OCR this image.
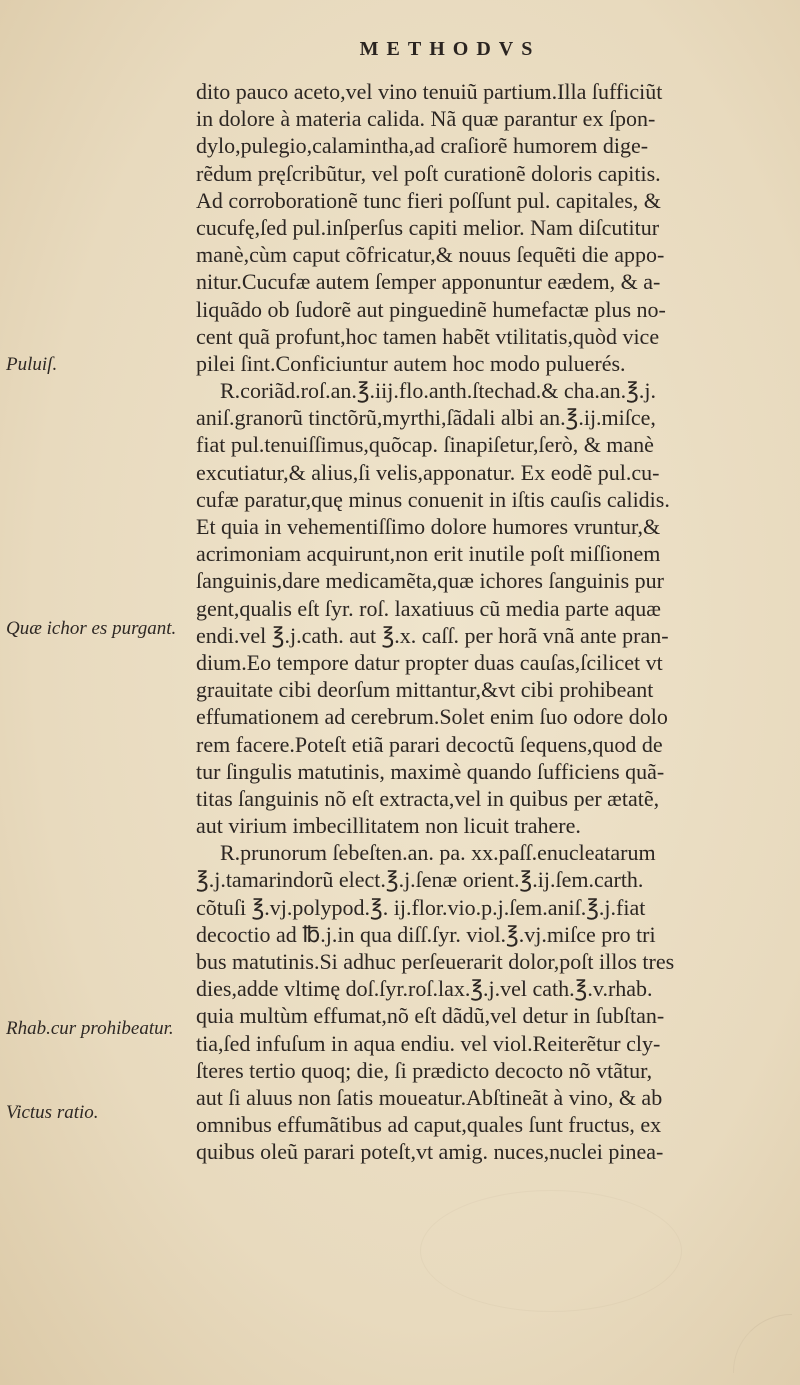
METHODVS
Puluiſ.
Quæ ichor es purgant.
Rhab.cur prohibeatur.
Victus ratio.
dito pauco aceto,vel vino tenuiũ partium.Illa ſufficiũt
in dolore à materia calida. Nã quæ parantur ex ſpon-
dylo,pulegio,calamintha,ad craſiorẽ humorem dige-
rẽdum pręſcribũtur, vel poſt curationẽ doloris capitis.
Ad corroborationẽ tunc fieri poſſunt pul. capitales, &
cucufę,ſed pul.inſperſus capiti melior. Nam diſcutitur
manè,cùm caput cõfricatur,& nouus ſequẽti die appo-
nitur.Cucufæ autem ſemper apponuntur eædem, & a-
liquãdo ob ſudorẽ aut pinguedinẽ humefactæ plus no-
cent quã profunt,hoc tamen habẽt vtilitatis,quòd vice
pilei ſint.Conficiuntur autem hoc modo puluerés.
R.coriãd.roſ.an.℥.iij.flo.anth.ſtechad.& cha.an.℥.j.
aniſ.granorũ tinctõrũ,myrthi,ſãdali albi an.℥.ij.miſce,
fiat pul.tenuiſſimus,quõcap. ſinapiſetur,ſerò, & manè
excutiatur,& alius,ſi velis,apponatur. Ex eodẽ pul.cu-
cufæ paratur,quę minus conuenit in iſtis cauſis calidis.
Et quia in vehementiſſimo dolore humores vruntur,&
acrimoniam acquirunt,non erit inutile poſt miſſionem
ſanguinis,dare medicamẽta,quæ ichores ſanguinis pur
gent,qualis eſt ſyr. roſ. laxatiuus cũ media parte aquæ
endi.vel ℥.j.cath. aut ℥.x. caſſ. per horã vnã ante pran-
dium.Eo tempore datur propter duas cauſas,ſcilicet vt
grauitate cibi deorſum mittantur,&vt cibi prohibeant
effumationem ad cerebrum.Solet enim ſuo odore dolo
rem facere.Poteſt etiã parari decoctũ ſequens,quod de
tur ſingulis matutinis, maximè quando ſufficiens quã-
titas ſanguinis nõ eſt extracta,vel in quibus per ætatẽ,
aut virium imbecillitatem non licuit trahere.
R.prunorum ſebeſten.an. pa. xx.paſſ.enucleatarum
℥.j.tamarindorũ elect.℥.j.ſenæ orient.℥.ij.ſem.carth.
cõtuſi ℥.vj.polypod.℥. ij.flor.vio.p.j.ſem.aniſ.℥.j.fiat
decoctio ad ℔.j.in qua diſſ.ſyr. viol.℥.vj.miſce pro tri
bus matutinis.Si adhuc perſeuerarit dolor,poſt illos tres
dies,adde vltimę doſ.ſyr.roſ.lax.℥.j.vel cath.℥.v.rhab.
quia multùm effumat,nõ eſt dãdũ,vel detur in ſubſtan-
tia,ſed infuſum in aqua endiu. vel viol.Reiterẽtur cly-
ſteres tertio quoq; die, ſi prædicto decocto nõ vtãtur,
aut ſi aluus non ſatis moueatur.Abſtineãt à vino, & ab
omnibus effumãtibus ad caput,quales ſunt fructus, ex
quibus oleũ parari poteſt,vt amig. nuces,nuclei pinea-
